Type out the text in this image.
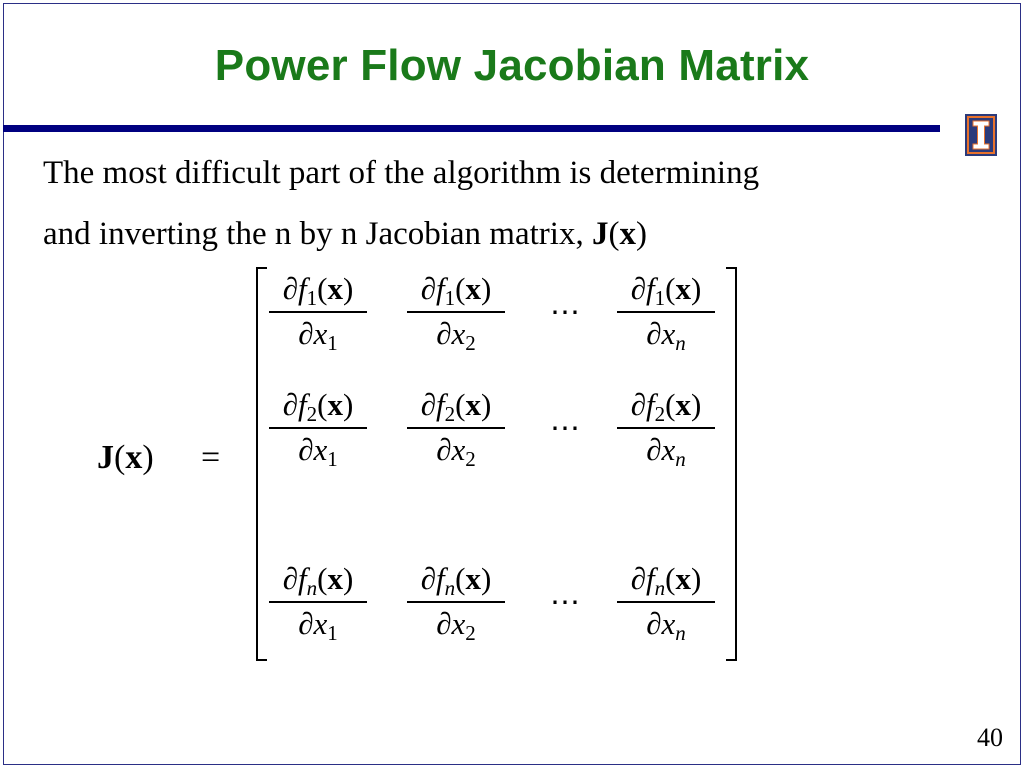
Power Flow Jacobian Matrix
The most difficult part of the algorithm is determining
and inverting the n by n Jacobian matrix, J(x)
J(x) =
$\partial f_1(x)$
$\partial x_1$
$\partial f_1(x)$
$\partial x_2$
$\partial f_1(x)$
∂xn
⋯
$\partial f_2(x)$
$\partial x_1$
$\partial f_2(x)$
$\partial x_2$
$\partial f_2(x)$
∂xn
⋯
∂fn(x)
$\partial x_1$
∂fn(x)
$\partial x_2$
∂fn(x)
∂xn
⋯
40
